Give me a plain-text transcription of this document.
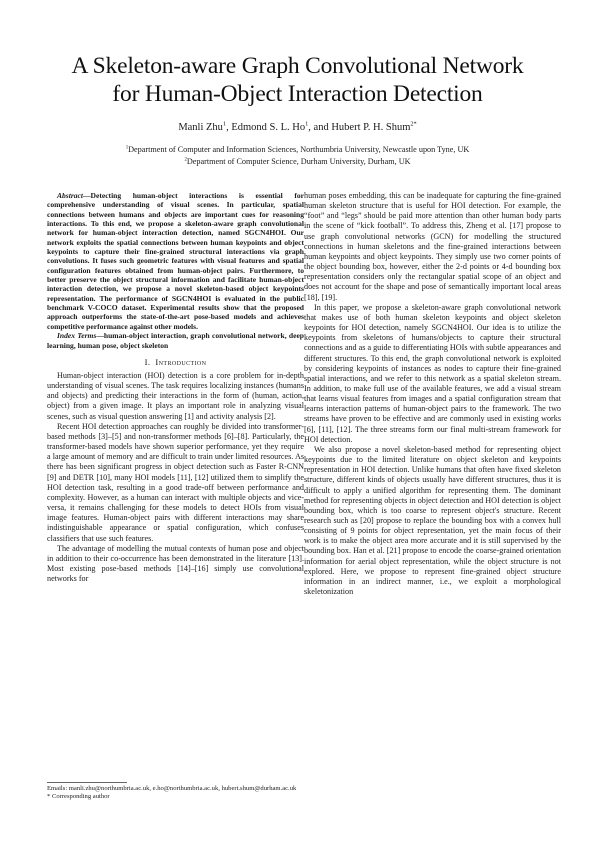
A Skeleton-aware Graph Convolutional Network
for Human-Object Interaction Detection
Manli Zhu$^1$, Edmond S. L. Ho$^1$, and Hubert P. H. Shum$^{2*}$
$^1$Department of Computer and Information Sciences, Northumbria University, Newcastle upon Tyne, UK
$^2$Department of Computer Science, Durham University, Durham, UK

Abstract—Detecting human-object interactions is essential for comprehensive understanding of visual scenes. In particular, spatial connections between humans and objects are important cues for reasoning interactions. To this end, we propose a skeleton-aware graph convolutional network for human-object interaction detection, named SGCN4HOI. Our network exploits the spatial connections between human keypoints and object keypoints to capture their fine-grained structural interactions via graph convolutions. It fuses such geometric features with visual features and spatial configuration features obtained from human-object pairs. Furthermore, to better preserve the object structural information and facilitate human-object interaction detection, we propose a novel skeleton-based object keypoints representation. The performance of SGCN4HOI is evaluated in the public benchmark V-COCO dataset. Experimental results show that the proposed approach outperforms the state-of-the-art pose-based models and achieves competitive performance against other models.

Index Terms—human-object interaction, graph convolutional network, deep learning, human pose, object skeleton

I. Introduction

Human-object interaction (HOI) detection is a core problem for in-depth understanding of visual scenes. The task requires localizing instances (humans and objects) and predicting their interactions in the form of (human, action, object) from a given image. It plays an important role in analyzing visual scenes, such as visual question answering [1] and activity analysis [2].

Recent HOI detection approaches can roughly be divided into transformer-based methods [3]–[5] and non-transformer methods [6]–[8]. Particularly, the transformer-based models have shown superior performance, yet they require a large amount of memory and are difficult to train under limited resources. As there has been significant progress in object detection such as Faster R-CNN [9] and DETR [10], many HOI models [11], [12] utilized them to simplify the HOI detection task, resulting in a good trade-off between performance and complexity. However, as a human can interact with multiple objects and vice-versa, it remains challenging for these models to detect HOIs from visual image features. Human-object pairs with different interactions may share indistinguishable appearance or spatial configuration, which confuses classifiers that use such features.

The advantage of modelling the mutual contexts of human pose and object in addition to their co-occurrence has been demonstrated in the literature [13]. Most existing pose-based methods [14]–[16] simply use convolutional networks for

Emails: manli.zhu@northumbria.ac.uk, e.ho@northumbria.ac.uk, hubert.shum@durham.ac.uk
* Corresponding author

human poses embedding, this can be inadequate for capturing the fine-grained human skeleton structure that is useful for HOI detection. For example, the “foot” and “legs” should be paid more attention than other human body parts in the scene of “kick football”. To address this, Zheng et al. [17] propose to use graph convolutional networks (GCN) for modelling the structured connections in human skeletons and the fine-grained interactions between human keypoints and object keypoints. They simply use two corner points of the object bounding box, however, either the 2-d points or 4-d bounding box representation considers only the rectangular spatial scope of an object and does not account for the shape and pose of semantically important local areas [18], [19].

In this paper, we propose a skeleton-aware graph convolutional network that makes use of both human skeleton keypoints and object skeleton keypoints for HOI detection, namely SGCN4HOI. Our idea is to utilize the keypoints from skeletons of humans/objects to capture their structural connections and as a guide to differentiating HOIs with subtle appearances and different structures. To this end, the graph convolutional network is exploited by considering keypoints of instances as nodes to capture their fine-grained spatial interactions, and we refer to this network as a spatial skeleton stream. In addition, to make full use of the available features, we add a visual stream that learns visual features from images and a spatial configuration stream that learns interaction patterns of human-object pairs to the framework. The two streams have proven to be effective and are commonly used in existing works [6], [11], [12]. The three streams form our final multi-stream framework for HOI detection.

We also propose a novel skeleton-based method for representing object keypoints due to the limited literature on object skeleton and keypoints representation in HOI detection. Unlike humans that often have fixed skeleton structure, different kinds of objects usually have different structures, thus it is difficult to apply a unified algorithm for representing them. The dominant method for representing objects in object detection and HOI detection is object bounding box, which is too coarse to represent object's structure. Recent research such as [20] propose to replace the bounding box with a convex hull consisting of 9 points for object representation, yet the main focus of their work is to make the object area more accurate and it is still supervised by the bounding box. Han et al. [21] propose to encode the coarse-grained orientation information for aerial object representation, while the object structure is not explored. Here, we propose to represent fine-grained object structure information in an indirect manner, i.e., we exploit a morphological skeletonization
